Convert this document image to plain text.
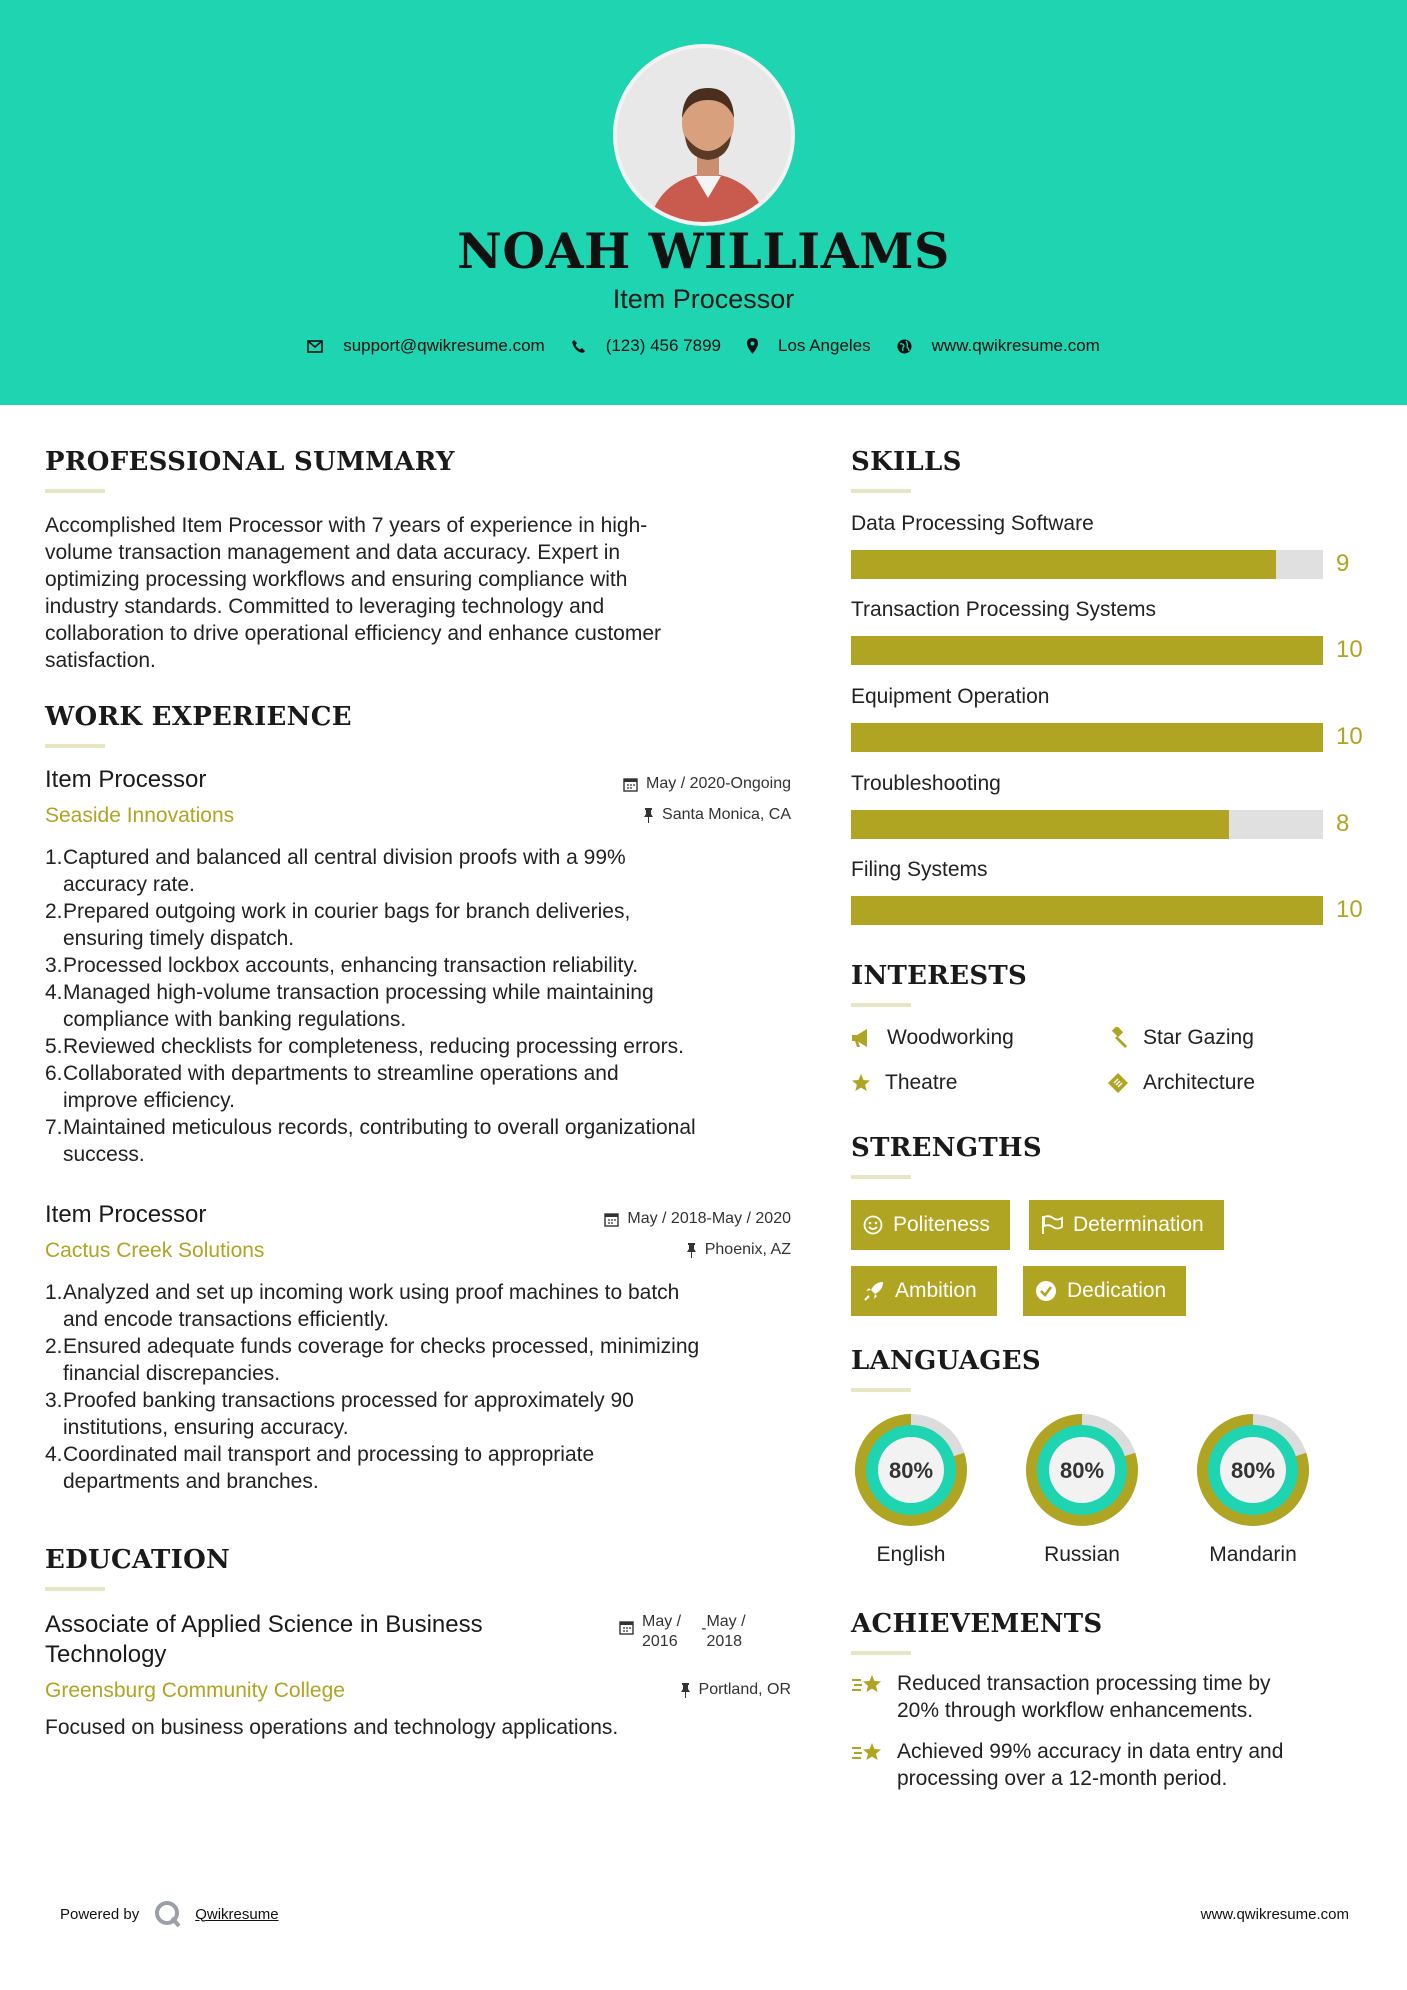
NOAH WILLIAMS
Item Processor
support@qwikresume.com	(123) 456 7899	Los Angeles	www.qwikresume.com
PROFESSIONAL SUMMARY
Accomplished Item Processor with 7 years of experience in high-
volume transaction management and data accuracy. Expert in
optimizing processing workflows and ensuring compliance with
industry standards. Committed to leveraging technology and
collaboration to drive operational efficiency and enhance customer
satisfaction.
WORK EXPERIENCE
Item Processor
Seaside Innovations
May / 2020-Ongoing
Santa Monica, CA
1. Captured and balanced all central division proofs with a 99%
accuracy rate.
2. Prepared outgoing work in courier bags for branch deliveries,
ensuring timely dispatch.
3. Processed lockbox accounts, enhancing transaction reliability.
4. Managed high-volume transaction processing while maintaining
compliance with banking regulations.
5. Reviewed checklists for completeness, reducing processing errors.
6. Collaborated with departments to streamline operations and
improve efficiency.
7. Maintained meticulous records, contributing to overall organizational
success.
Item Processor
Cactus Creek Solutions
May / 2018-May / 2020
Phoenix, AZ
1. Analyzed and set up incoming work using proof machines to batch
and encode transactions efficiently.
2. Ensured adequate funds coverage for checks processed, minimizing
financial discrepancies.
3. Proofed banking transactions processed for approximately 90
institutions, ensuring accuracy.
4. Coordinated mail transport and processing to appropriate
departments and branches.
EDUCATION
Associate of Applied Science in Business
Technology
May /
2016
- May /
2018
Greensburg Community College	Portland, OR
Focused on business operations and technology applications.
SKILLS
Data Processing Software
9
Transaction Processing Systems
10
Equipment Operation
10
Troubleshooting
8
Filing Systems
10
INTERESTS
Woodworking	Star Gazing
Theatre	Architecture
STRENGTHS
Politeness	Determination
Ambition	Dedication
LANGUAGES
80%
English
80%
Russian
80%
Mandarin
ACHIEVEMENTS
Reduced transaction processing time by
20% through workflow enhancements.
Achieved 99% accuracy in data entry and
processing over a 12-month period.
Powered by	Qwikresume	www.qwikresume.com
